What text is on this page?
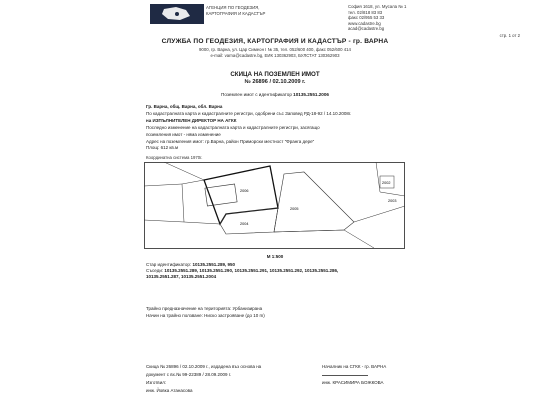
АГЕНЦИЯ ПО ГЕОДЕЗИЯ,
КАРТОГРАФИЯ И КАДАСТЪР
София 1618, ул. Мусала № 1
тел. 02/818 83 83
факс 02/955 53 33
www.cadastre.bg
acad@cadastre.bg
стр. 1 от 2
СЛУЖБА ПО ГЕОДЕЗИЯ, КАРТОГРАФИЯ И КАДАСТЪР - гр. ВАРНА
9000, гр. Варна, ул. Цар Симеон I № 35, тел. 052/600 400, факс 052/600 414
e-mail: varna@cadastre.bg, ЕИК 130362903, БУЛСТАТ 130362903
СКИЦА НА ПОЗЕМЛЕН ИМОТ
№ 26896 / 02.10.2009 г.
Поземлен имот с идентификатор 10135.2551.2006
Гр. Варна, общ. Варна, обл. Варна
По кадастралната карта и кадастралните регистри, одобрени със Заповед РД-18-92 / 14.10.2008г.
на ИЗПЪЛНИТЕЛЕН ДИРЕКТОР НА АГКК
Последно изменение на кадастралната карта и кадастралните регистри, засягащо
поземления имот - няма изменение
Адрес на поземления имот: гр.Варна, район Приморски местност "Франга дере"
Площ: 612 кв.м
Координатна система 1970г.
2006
2005
2004
2002
2003
М 1:500
Стар идентификатор: 10135.2551.289, 950
Съседи: 10135.2551.289, 10135.2551.290, 10135.2551.291, 10135.2551.292, 10135.2551.286,
10135.2551.287, 10135.2551.2004
Трайно предназначение на територията: Урбанизирана
Начин на трайно ползване: Ниско застрояване (до 10 m)
Скица № 26896 / 02.10.2009 г., издадена въз основа на
документ с вх.№ 99-22389 / 28.09.2009 г.
Изготвил:
инж. Йовка Атанасова
Началник на СГКК - гр. ВАРНА
инж. КРАСИМИРА БОЖКОВА
